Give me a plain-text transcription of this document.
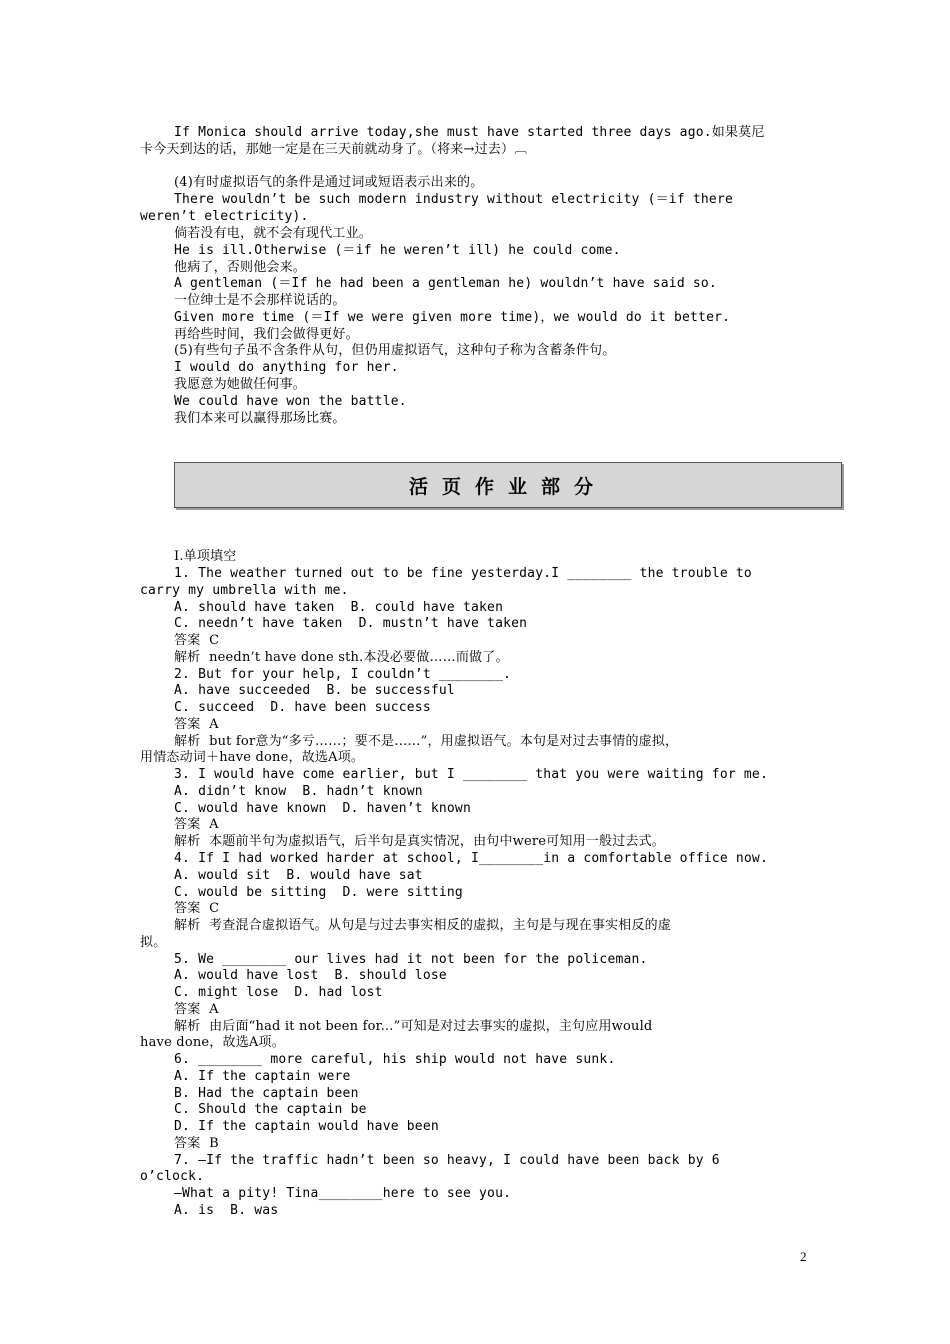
If Monica should arrive today,she must have started three days ago.如果莫尼
卡今天到达的话，那她一定是在三天前就动身了。（将来→过去）︹
(4)有时虚拟语气的条件是通过词或短语表示出来的。
There wouldn’t be such modern industry without electricity (＝if there
weren’t electricity).
倘若没有电，就不会有现代工业。
He is ill.Otherwise (＝if he weren’t ill) he could come.
他病了，否则他会来。
A gentleman (＝If he had been a gentleman he) wouldn’t have said so.
一位绅士是不会那样说话的。
Given more time (＝If we were given more time)，we would do it better.
再给些时间，我们会做得更好。
(5)有些句子虽不含条件从句，但仍用虚拟语气，这种句子称为含蓄条件句。
I would do anything for her.
我愿意为她做任何事。
We could have won the battle.
我们本来可以赢得那场比赛。
活页作业部分
Ⅰ.单项填空
1. The weather turned out to be fine yesterday.I ________ the trouble to
carry my umbrella with me.
A. should have taken  B. could have taken
C. needn’t have taken  D. mustn’t have taken
答案  C
解析  needn’t have done sth.本没必要做……而做了。
2. But for your help, I couldn’t ________.
A. have succeeded  B. be successful
C. succeed  D. have been success
答案  A
解析  but for意为“多亏……；要不是……”，用虚拟语气。本句是对过去事情的虚拟，
用情态动词＋have done，故选A项。
3. I would have come earlier, but I ________ that you were waiting for me.
A. didn’t know  B. hadn’t known
C. would have known  D. haven’t known
答案  A
解析  本题前半句为虚拟语气，后半句是真实情况，由句中were可知用一般过去式。
4. If I had worked harder at school, I________in a comfortable office now.
A. would sit  B. would have sat
C. would be sitting  D. were sitting
答案  C
解析  考查混合虚拟语气。从句是与过去事实相反的虚拟，主句是与现在事实相反的虚
拟。
5. We ________ our lives had it not been for the policeman.
A. would have lost  B. should lose
C. might lose  D. had lost
答案  A
解析  由后面“had it not been for...”可知是对过去事实的虚拟，主句应用would
have done，故选A项。
6. ________ more careful, his ship would not have sunk.
A. If the captain were
B. Had the captain been
C. Should the captain be
D. If the captain would have been
答案  B
7. —If the traffic hadn’t been so heavy, I could have been back by 6
o’clock.
—What a pity! Tina________here to see you.
A. is  B. was
2
